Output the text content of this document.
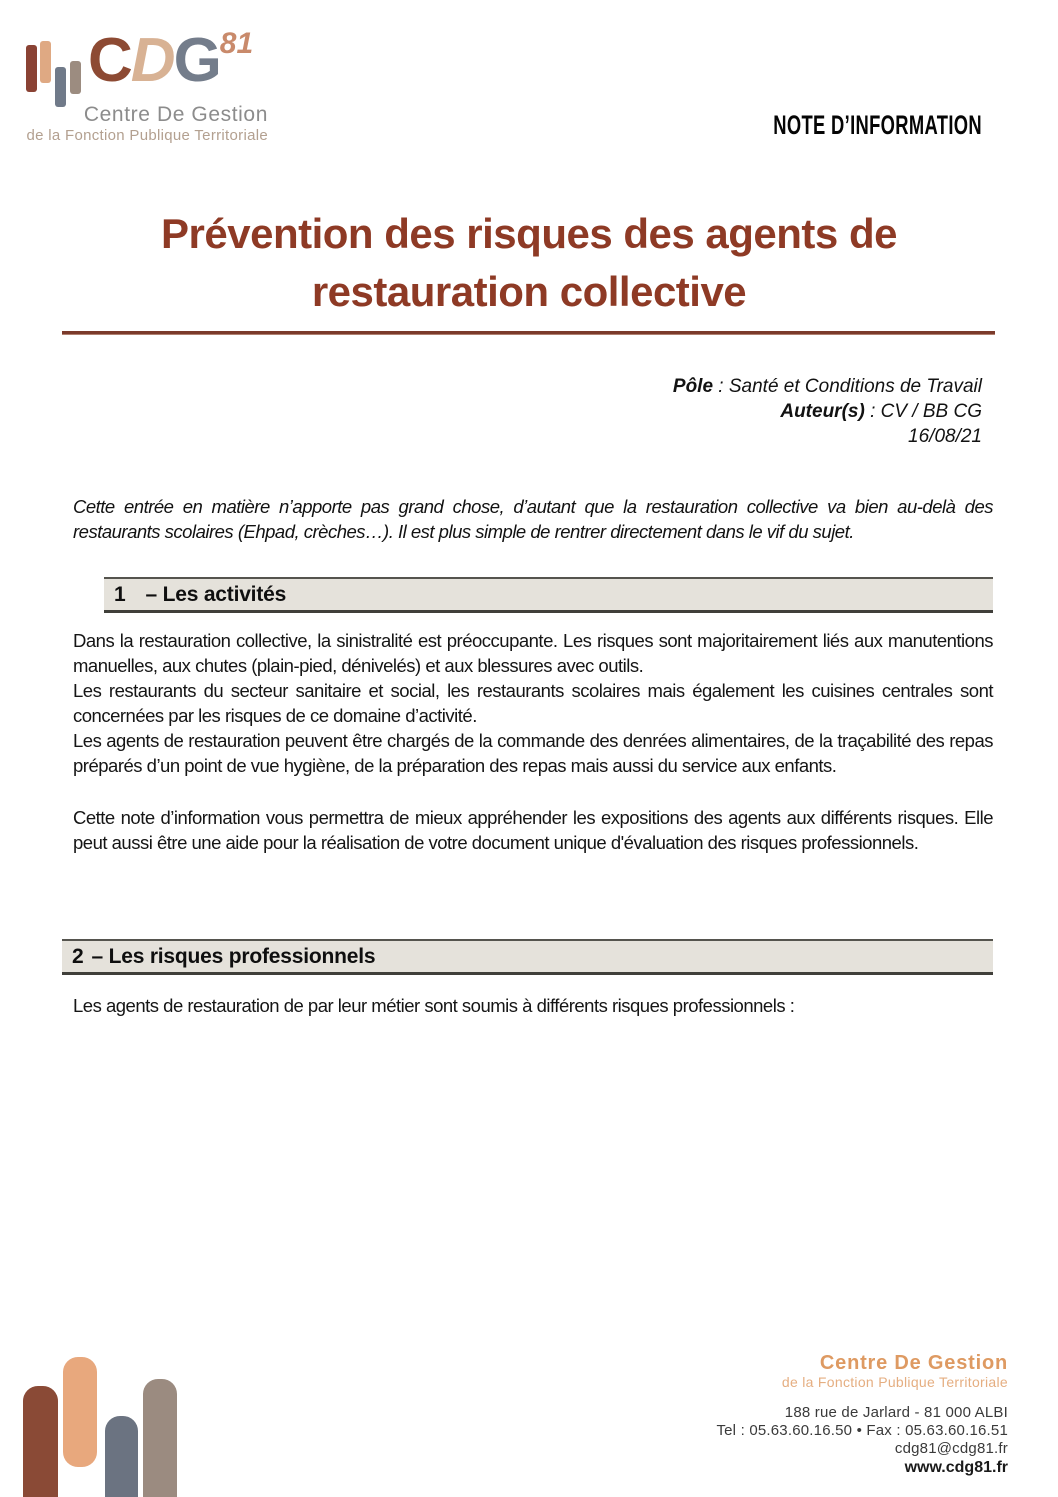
CDG$^{81}$
Centre De Gestion
de la Fonction Publique Territoriale	NOTE D’INFORMATION
Prévention des risques des agents de
restauration collective
Pôle : Santé et Conditions de Travail
Auteur(s) : CV / BB CG
16/08/21

Cette entrée en matière n’apporte pas grand chose, d’autant que la restauration collective va bien au-delà des restaurants scolaires (Ehpad, crèches…). Il est plus simple de rentrer directement dans le vif du sujet.

1 – Les activités

Dans la restauration collective, la sinistralité est préoccupante. Les risques sont majoritairement liés aux manutentions manuelles, aux chutes (plain-pied, dénivelés) et aux blessures avec outils.

Les restaurants du secteur sanitaire et social, les restaurants scolaires mais également les cuisines centrales sont concernées par les risques de ce domaine d’activité.

Les agents de restauration peuvent être chargés de la commande des denrées alimentaires, de la traçabilité des repas préparés d’un point de vue hygiène, de la préparation des repas mais aussi du service aux enfants.

Cette note d’information vous permettra de mieux appréhender les expositions des agents aux différents risques. Elle peut aussi être une aide pour la réalisation de votre document unique d'évaluation des risques professionnels.

2 – Les risques professionnels

Les agents de restauration de par leur métier sont soumis à différents risques professionnels :

Centre De Gestion
de la Fonction Publique Territoriale
188 rue de Jarlard - 81 000 ALBI
Tel : 05.63.60.16.50 • Fax : 05.63.60.16.51
cdg81@cdg81.fr
www.cdg81.fr
